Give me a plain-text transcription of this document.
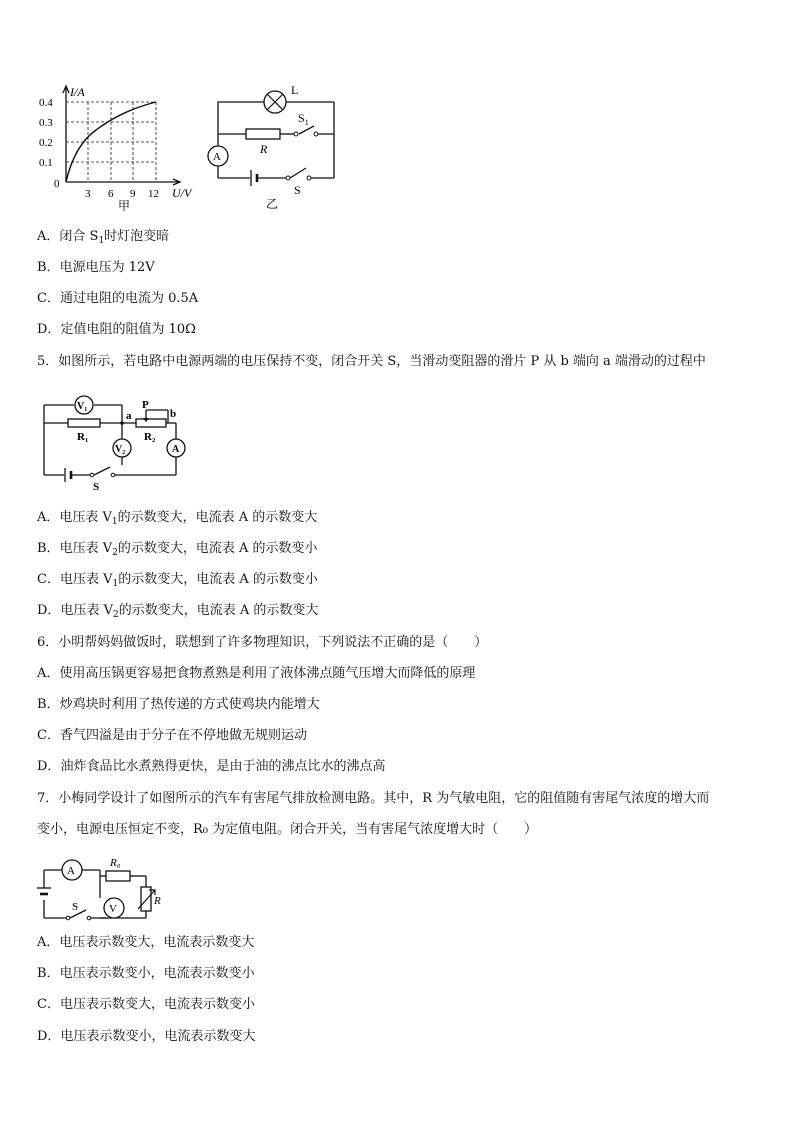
I/A
0.4
0.3
0.2
0.1
0
3 6 9 12 U/V
甲
L
R
$S_1$
A
S
乙
A．闭合 $S_1$时灯泡变暗
B．电源电压为 12V
C．通过电阻的电流为 0.5A
D．定值电阻的阻值为 10Ω
5．如图所示，若电路中电源两端的电压保持不变，闭合开关 S，当滑动变阻器的滑片 P 从 b 端向 a 端滑动的过程中
V₁
R₁	R₂
P
a	b
V₂	A
S
A．电压表 $V_1$的示数变大，电流表 A 的示数变大
B．电压表 $V_2$的示数变大，电流表 A 的示数变小
C．电压表 $V_1$的示数变大，电流表 A 的示数变小
D．电压表 $V_2$的示数变大，电流表 A 的示数变大
6．小明帮妈妈做饭时，联想到了许多物理知识，下列说法不正确的是（　　）
A．使用高压锅更容易把食物煮熟是利用了液体沸点随气压增大而降低的原理
B．炒鸡块时利用了热传递的方式使鸡块内能增大
C．香气四溢是由于分子在不停地做无规则运动
D．油炸食品比水煮熟得更快，是由于油的沸点比水的沸点高
7．小梅同学设计了如图所示的汽车有害尾气排放检测电路。其中，R 为气敏电阻，它的阻值随有害尾气浓度的增大而
变小，电源电压恒定不变，R₀ 为定值电阻。闭合开关，当有害尾气浓度增大时（　　）
A
R₀
V
R
S
A．电压表示数变大，电流表示数变大
B．电压表示数变小，电流表示数变小
C．电压表示数变大，电流表示数变小
D．电压表示数变小，电流表示数变大
